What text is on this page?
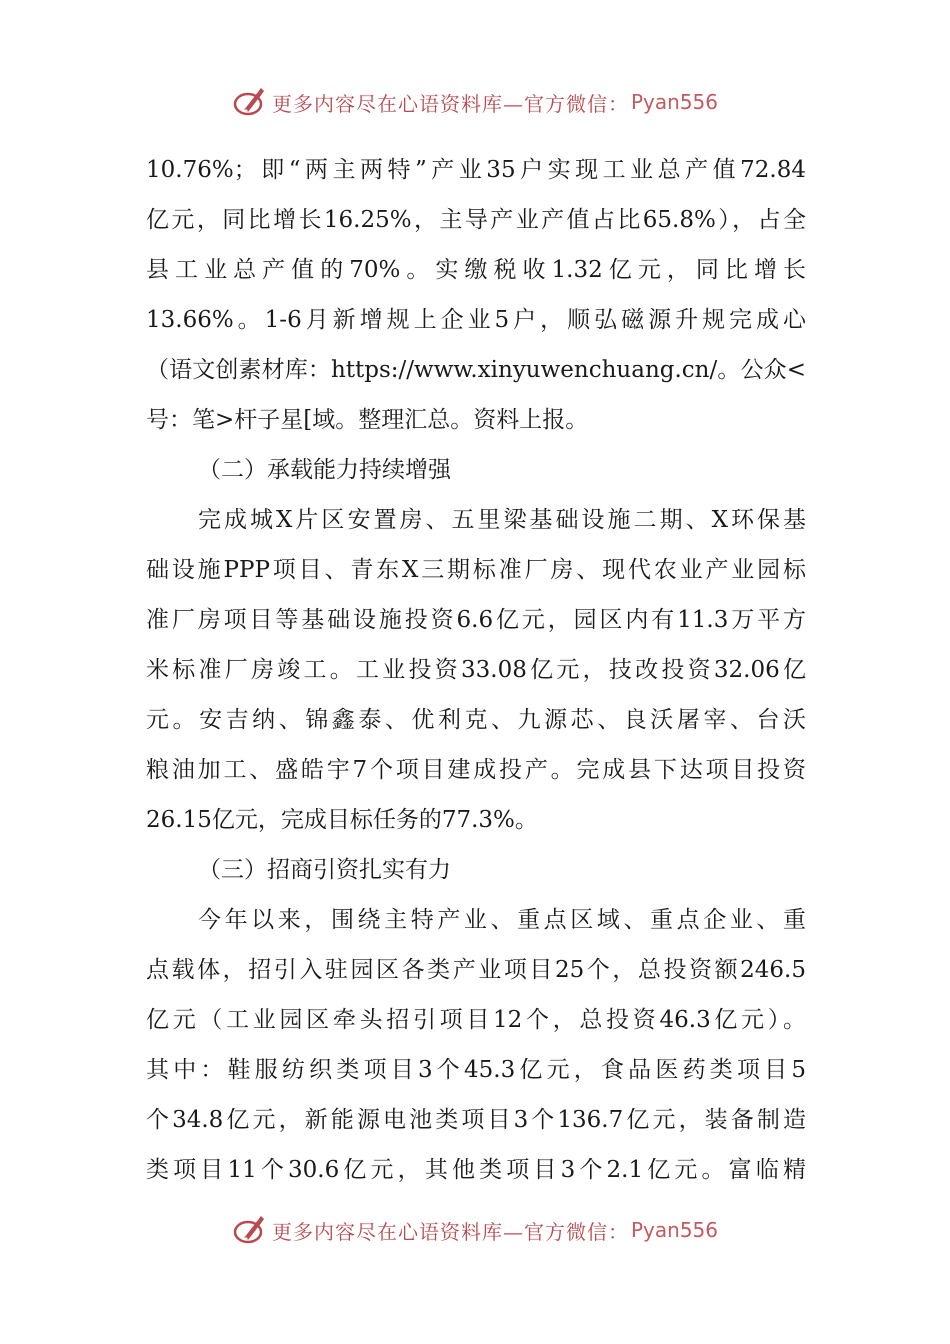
更多内容尽在心语资料库—官方微信： Pyan556
10.76%；即“两主两特”产业35户实现工业总产值72.84
亿元，同比增长16.25%，主导产业产值占比65.8%），占全
县工业总产值的70%。实缴税收1.32亿元，同比增长
13.66%。1-6月新增规上企业5户，顺弘磁源升规完成心
（语文创素材库：https://www.xinyuwenchuang.cn/。公众<
号：笔>杆子星[域。整理汇总。资料上报。
（二）承载能力持续增强
完成城X片区安置房、五里梁基础设施二期、X环保基
础设施PPP项目、青东X三期标准厂房、现代农业产业园标
准厂房项目等基础设施投资6.6亿元，园区内有11.3万平方
米标准厂房竣工。工业投资33.08亿元，技改投资32.06亿
元。安吉纳、锦鑫泰、优利克、九源芯、良沃屠宰、台沃
粮油加工、盛皓宇7个项目建成投产。完成县下达项目投资
26.15亿元，完成目标任务的77.3%。
（三）招商引资扎实有力
今年以来，围绕主特产业、重点区域、重点企业、重
点载体，招引入驻园区各类产业项目25个，总投资额246.5
亿元（工业园区牵头招引项目12个，总投资46.3亿元）。
其中：鞋服纺织类项目3个45.3亿元，食品医药类项目5
个34.8亿元，新能源电池类项目3个136.7亿元，装备制造
类项目11个30.6亿元，其他类项目3个2.1亿元。富临精
更多内容尽在心语资料库—官方微信： Pyan556
